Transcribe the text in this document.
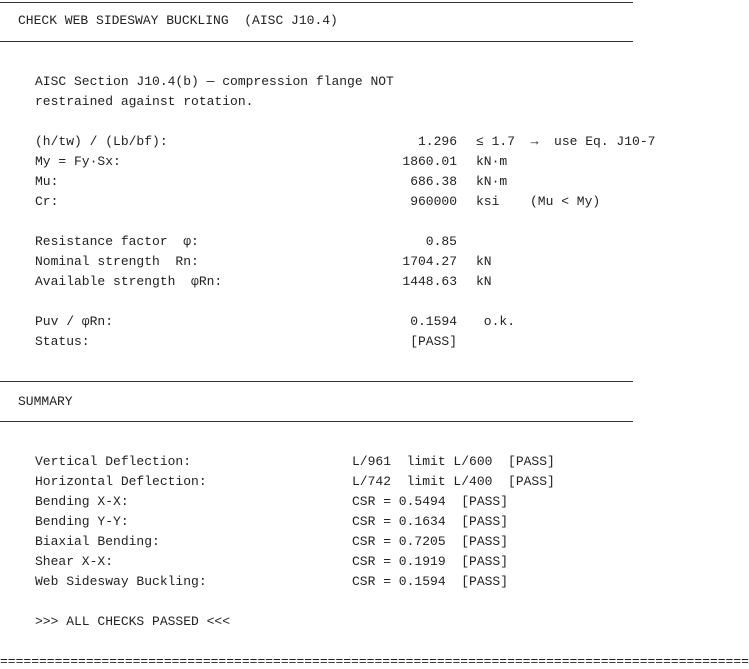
CHECK WEB SIDESWAY BUCKLING  (AISC J10.4)
AISC Section J10.4(b) — compression flange NOT
restrained against rotation.
(h/tw) / (Lb/bf):	1.296 ≤ 1.7  →  use Eq. J10-7
My = Fy·Sx:	1860.01 kN·m
Mu:	686.38 kN·m
Cr:	960000 ksi (Mu < My)
Resistance factor  φ:	0.85
Nominal strength  Rn:	1704.27 kN
Available strength  φRn:	1448.63 kN
Puv / φRn:	0.1594 o.k.
Status:	[PASS]
SUMMARY
Vertical Deflection:	L/961  limit L/600  [PASS]
Horizontal Deflection:	L/742  limit L/400  [PASS]
Bending X-X:	CSR = 0.5494  [PASS]
Bending Y-Y:	CSR = 0.1634  [PASS]
Biaxial Bending:	CSR = 0.7205  [PASS]
Shear X-X:	CSR = 0.1919  [PASS]
Web Sidesway Buckling:	CSR = 0.1594  [PASS]
>>> ALL CHECKS PASSED <<<
================================================================================================
